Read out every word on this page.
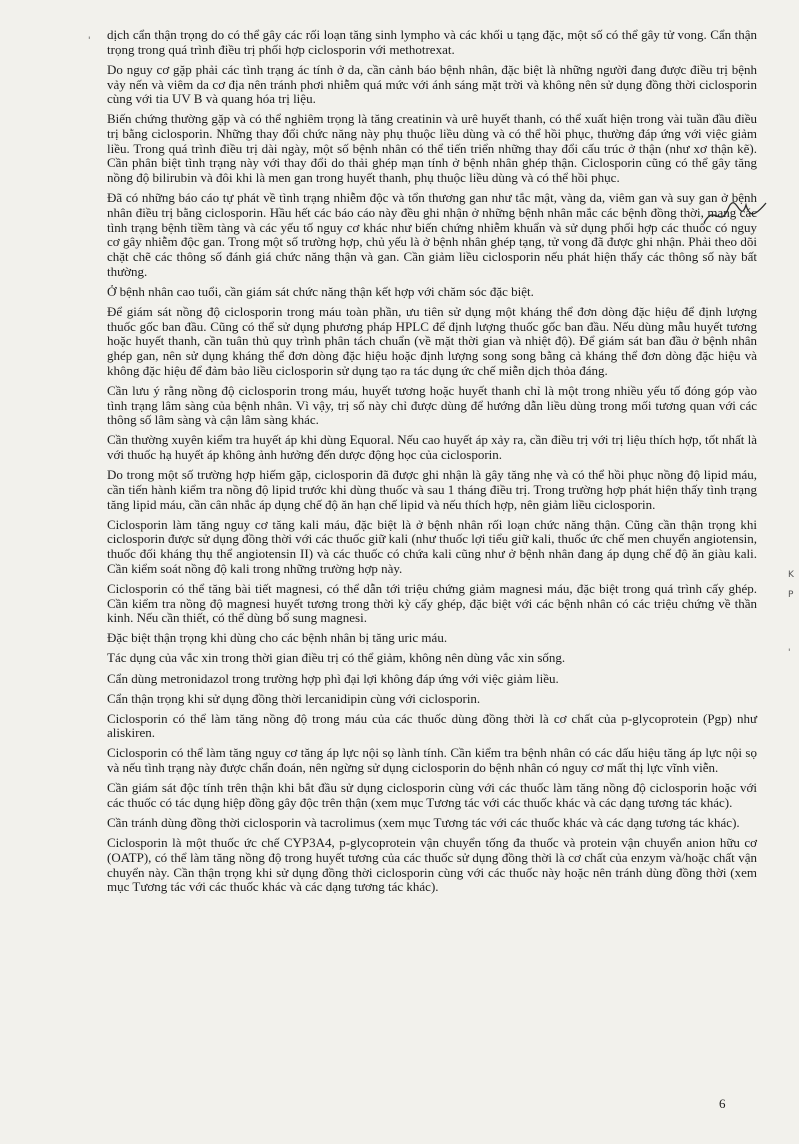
dịch cẩn thận trọng do có thể gây các rối loạn tăng sinh lympho và các khối u tạng đặc, một số có thể gây tử vong. Cẩn thận trọng trong quá trình điều trị phối hợp ciclosporin với methotrexat.

Do nguy cơ gặp phải các tình trạng ác tính ở da, cần cảnh báo bệnh nhân, đặc biệt là những người đang được điều trị bệnh vảy nến và viêm da cơ địa nên tránh phơi nhiễm quá mức với ánh sáng mặt trời và không nên sử dụng đồng thời ciclosporin cùng với tia UV B và quang hóa trị liệu.

Biến chứng thường gặp và có thể nghiêm trọng là tăng creatinin và urê huyết thanh, có thể xuất hiện trong vài tuần đầu điều trị bằng ciclosporin. Những thay đổi chức năng này phụ thuộc liều dùng và có thể hồi phục, thường đáp ứng với việc giảm liều. Trong quá trình điều trị dài ngày, một số bệnh nhân có thể tiến triển những thay đổi cấu trúc ở thận (như xơ thận kẽ). Cần phân biệt tình trạng này với thay đổi do thải ghép mạn tính ở bệnh nhân ghép thận. Ciclosporin cũng có thể gây tăng nồng độ bilirubin và đôi khi là men gan trong huyết thanh, phụ thuộc liều dùng và có thể hồi phục.

Đã có những báo cáo tự phát về tình trạng nhiễm độc và tổn thương gan như tắc mật, vàng da, viêm gan và suy gan ở bệnh nhân điều trị bằng ciclosporin. Hầu hết các báo cáo này đều ghi nhận ở những bệnh nhân mắc các bệnh đồng thời, mang các tình trạng bệnh tiềm tàng và các yếu tố nguy cơ khác như biến chứng nhiễm khuẩn và sử dụng phối hợp các thuốc có nguy cơ gây nhiễm độc gan. Trong một số trường hợp, chủ yếu là ở bệnh nhân ghép tạng, tử vong đã được ghi nhận. Phải theo dõi chặt chẽ các thông số đánh giá chức năng thận và gan. Cần giảm liều ciclosporin nếu phát hiện thấy các thông số này bất thường.

Ở bệnh nhân cao tuổi, cần giám sát chức năng thận kết hợp với chăm sóc đặc biệt.

Để giám sát nồng độ ciclosporin trong máu toàn phần, ưu tiên sử dụng một kháng thể đơn dòng đặc hiệu để định lượng thuốc gốc ban đầu. Cũng có thể sử dụng phương pháp HPLC để định lượng thuốc gốc ban đầu. Nếu dùng mẫu huyết tương hoặc huyết thanh, cần tuân thủ quy trình phân tách chuẩn (về mặt thời gian và nhiệt độ). Để giám sát ban đầu ở bệnh nhân ghép gan, nên sử dụng kháng thể đơn dòng đặc hiệu hoặc định lượng song song bằng cả kháng thể đơn dòng đặc hiệu và không đặc hiệu để đảm bảo liều ciclosporin sử dụng tạo ra tác dụng ức chế miễn dịch thỏa đáng.

Cần lưu ý rằng nồng độ ciclosporin trong máu, huyết tương hoặc huyết thanh chỉ là một trong nhiều yếu tố đóng góp vào tình trạng lâm sàng của bệnh nhân. Vì vậy, trị số này chỉ được dùng để hướng dẫn liều dùng trong mối tương quan với các thông số lâm sàng và cận lâm sàng khác.

Cần thường xuyên kiểm tra huyết áp khi dùng Equoral. Nếu cao huyết áp xảy ra, cần điều trị với trị liệu thích hợp, tốt nhất là với thuốc hạ huyết áp không ảnh hưởng đến dược động học của ciclosporin.

Do trong một số trường hợp hiếm gặp, ciclosporin đã được ghi nhận là gây tăng nhẹ và có thể hồi phục nồng độ lipid máu, cần tiến hành kiểm tra nồng độ lipid trước khi dùng thuốc và sau 1 tháng điều trị. Trong trường hợp phát hiện thấy tình trạng tăng lipid máu, cần cân nhắc áp dụng chế độ ăn hạn chế lipid và nếu thích hợp, nên giảm liều ciclosporin.

Ciclosporin làm tăng nguy cơ tăng kali máu, đặc biệt là ở bệnh nhân rối loạn chức năng thận. Cũng cần thận trọng khi ciclosporin được sử dụng đồng thời với các thuốc giữ kali (như thuốc lợi tiểu giữ kali, thuốc ức chế men chuyển angiotensin, thuốc đối kháng thụ thể angiotensin II) và các thuốc có chứa kali cũng như ở bệnh nhân đang áp dụng chế độ ăn giàu kali. Cần kiểm soát nồng độ kali trong những trường hợp này.

Ciclosporin có thể tăng bài tiết magnesi, có thể dẫn tới triệu chứng giảm magnesi máu, đặc biệt trong quá trình cấy ghép. Cần kiểm tra nồng độ magnesi huyết tương trong thời kỳ cấy ghép, đặc biệt với các bệnh nhân có các triệu chứng về thần kinh. Nếu cần thiết, có thể dùng bổ sung magnesi.

Đặc biệt thận trọng khi dùng cho các bệnh nhân bị tăng uric máu.

Tác dụng của vắc xin trong thời gian điều trị có thể giảm, không nên dùng vắc xin sống.

Cẩn dùng metronidazol trong trường hợp phì đại lợi không đáp ứng với việc giảm liều.

Cẩn thận trọng khi sử dụng đồng thời lercanidipin cùng với ciclosporin.

Ciclosporin có thể làm tăng nồng độ trong máu của các thuốc dùng đồng thời là cơ chất của p-glycoprotein (Pgp) như aliskiren.

Ciclosporin có thể làm tăng nguy cơ tăng áp lực nội sọ lành tính. Cần kiểm tra bệnh nhân có các dấu hiệu tăng áp lực nội sọ và nếu tình trạng này được chẩn đoán, nên ngừng sử dụng ciclosporin do bệnh nhân có nguy cơ mất thị lực vĩnh viễn.

Cần giám sát độc tính trên thận khi bắt đầu sử dụng ciclosporin cùng với các thuốc làm tăng nồng độ ciclosporin hoặc với các thuốc có tác dụng hiệp đồng gây độc trên thận (xem mục Tương tác với các thuốc khác và các dạng tương tác khác).

Cần tránh dùng đồng thời ciclosporin và tacrolimus (xem mục Tương tác với các thuốc khác và các dạng tương tác khác).

Ciclosporin là một thuốc ức chế CYP3A4, p-glycoprotein vận chuyển tống đa thuốc và protein vận chuyển anion hữu cơ (OATP), có thể làm tăng nồng độ trong huyết tương của các thuốc sử dụng đồng thời là cơ chất của enzym và/hoặc chất vận chuyển này. Cần thận trọng khi sử dụng đồng thời ciclosporin cùng với các thuốc này hoặc nên tránh dùng đồng thời (xem mục Tương tác với các thuốc khác và các dạng tương tác khác).

'
K
P
'
6
